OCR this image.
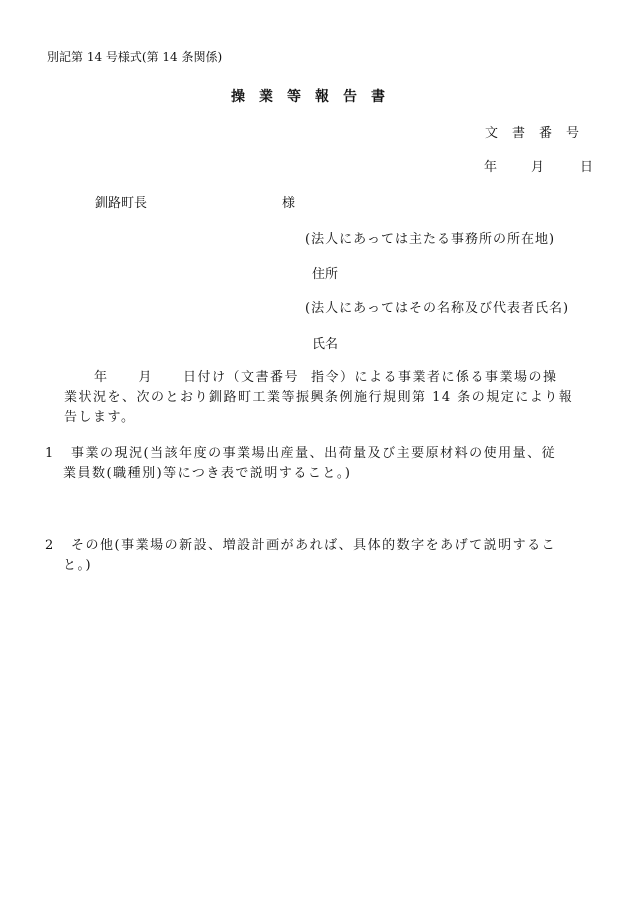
別記第 14 号様式(第 14 条関係)
操業等報告書
文書番号
年	月	日
釧路町長	様
(法人にあっては主たる事務所の所在地)
住所
(法人にあってはその名称及び代表者氏名)
氏名
年 月 日付け（文書番号 指令）による事業者に係る事業場の操
業状況を、次のとおり釧路町工業等振興条例施行規則第 14 条の規定により報
告します。
1 事業の現況(当該年度の事業場出産量、出荷量及び主要原材料の使用量、従
業員数(職種別)等につき表で説明すること。)
2 その他(事業場の新設、増設計画があれば、具体的数字をあげて説明するこ
と。)
